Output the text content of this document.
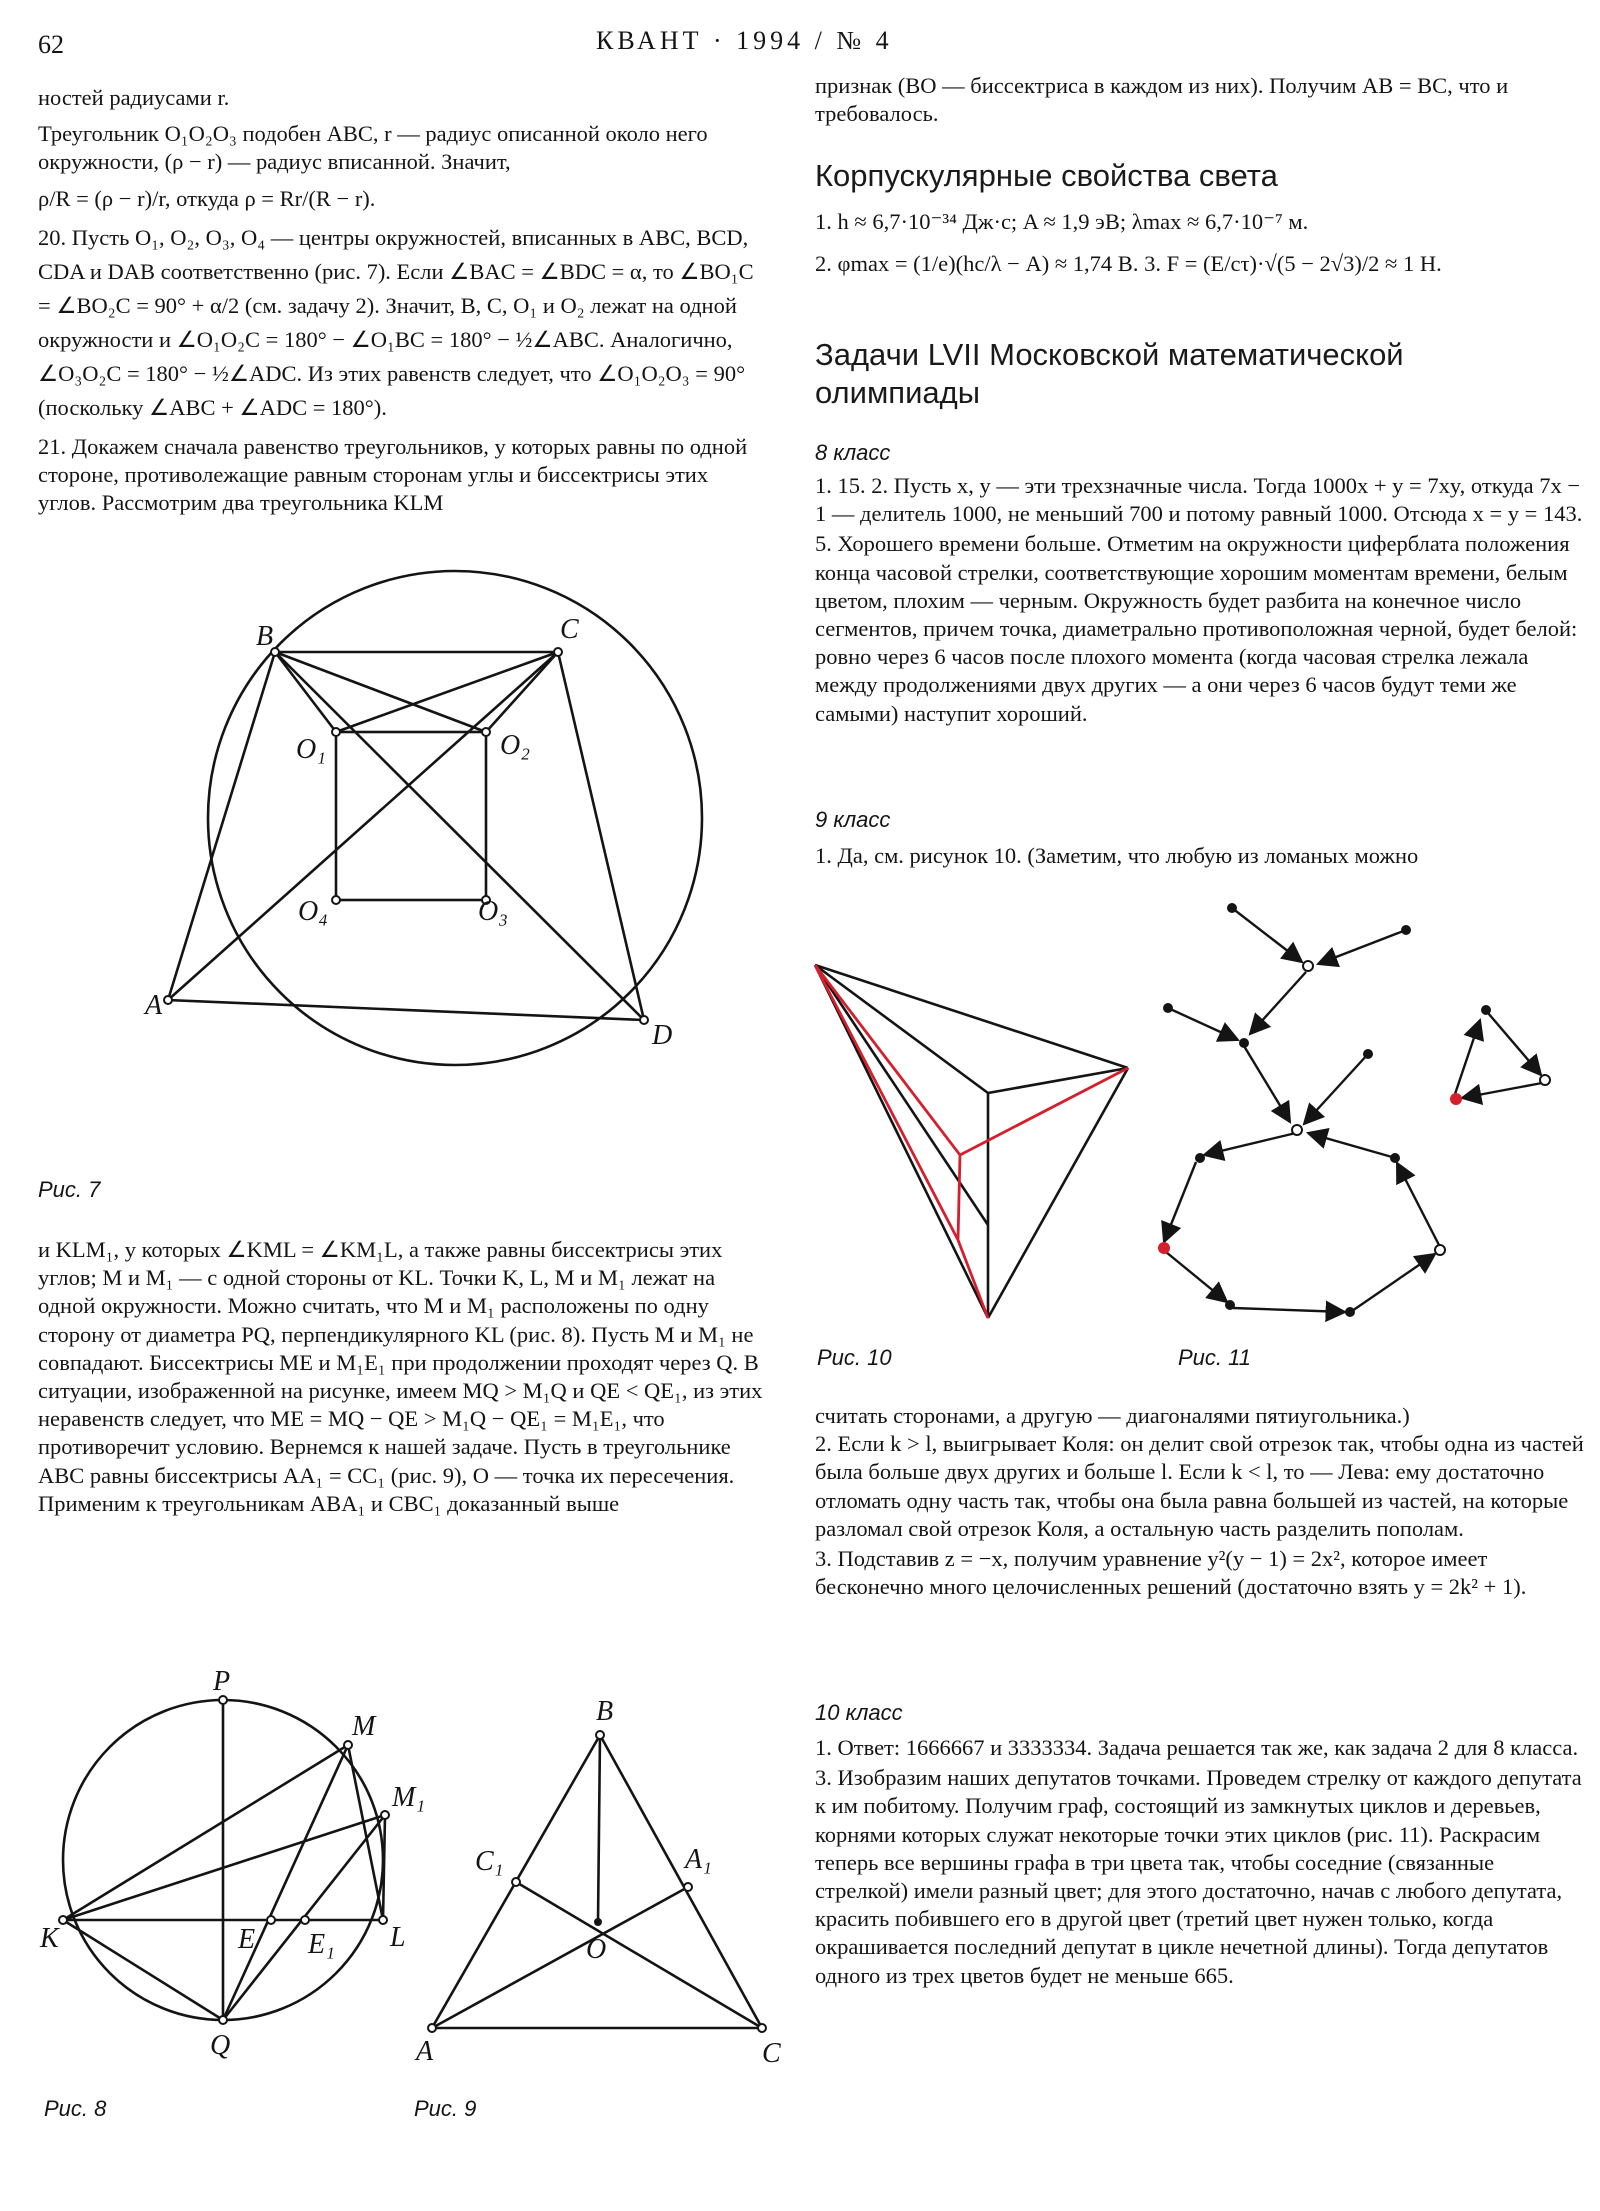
62	КВАНТ · 1994 / № 4

ностей радиусами r.

Треугольник O₁O₂O₃ подобен ABC, r — радиус описанной около него окружности, (ρ − r) — радиус вписанной. Значит,

ρ/R = (ρ − r)/r, откуда ρ = Rr/(R − r).

20. Пусть O₁, O₂, O₃, O₄ — центры окружностей, вписанных в ABC, BCD, CDA и DAB соответственно (рис. 7). Если ∠BAC = ∠BDC = α, то ∠BO₁C = ∠BO₂C = 90° + α/2 (см. задачу 2). Значит, B, C, O₁ и O₂ лежат на одной окружности и ∠O₁O₂C = 180° − ∠O₁BC = 180° − ½∠ABC. Аналогично, ∠O₃O₂C = 180° − ½∠ADC. Из этих равенств следует, что ∠O₁O₂O₃ = 90° (поскольку ∠ABC + ∠ADC = 180°).

21. Докажем сначала равенство треугольников, у которых равны по одной стороне, противолежащие равным сторонам углы и биссектрисы этих углов. Рассмотрим два треугольника KLM

B	C
A
D
O₁	O₂
O₃
O₄
Рис. 7

и KLM₁, у которых ∠KML = ∠KM₁L, а также равны биссектрисы этих углов; M и M₁ — с одной стороны от KL. Точки K, L, M и M₁ лежат на одной окружности. Можно считать, что M и M₁ расположены по одну сторону от диаметра PQ, перпендикулярного KL (рис. 8). Пусть M и M₁ не совпадают. Биссектрисы ME и M₁E₁ при продолжении проходят через Q. В ситуации, изображенной на рисунке, имеем MQ > M₁Q и QE < QE₁, из этих неравенств следует, что ME = MQ − QE > M₁Q − QE₁ = M₁E₁, что противоречит условию. Вернемся к нашей задаче. Пусть в треугольнике ABC равны биссектрисы AA₁ = CC₁ (рис. 9), O — точка их пересечения. Применим к треугольникам ABA₁ и CBC₁ доказанный выше

P
M
M₁
K	E E₁ L
Q
Рис. 8
B
C₁	A₁
O
A	C
Рис. 9

признак (BO — биссектриса в каждом из них). Получим AB = BC, что и требовалось.

Корпускулярные свойства света

1. h ≈ 6,7·10⁻³⁴ Дж·с; A ≈ 1,9 эВ; λmax ≈ 6,7·10⁻⁷ м.

2. φmax = (1/e)(hc/λ − A) ≈ 1,74 В. 3. F = (E/cτ)·√(5 − 2√3)/2 ≈ 1 Н.

Задачи LVII Московской математической
олимпиады
8 класс

1. 15. 2. Пусть x, y — эти трехзначные числа. Тогда 1000x + y = 7xy, откуда 7x − 1 — делитель 1000, не меньший 700 и потому равный 1000. Отсюда x = y = 143.

5. Хорошего времени больше. Отметим на окружности циферблата положения конца часовой стрелки, соответствующие хорошим моментам времени, белым цветом, плохим — черным. Окружность будет разбита на конечное число сегментов, причем точка, диаметрально противоположная черной, будет белой: ровно через 6 часов после плохого момента (когда часовая стрелка лежала между продолжениями двух других — а они через 6 часов будут теми же самыми) наступит хороший.

9 класс

1. Да, см. рисунок 10. (Заметим, что любую из ломаных можно

Рис. 10	Рис. 11

считать сторонами, а другую — диагоналями пятиугольника.)

2. Если k > l, выигрывает Коля: он делит свой отрезок так, чтобы одна из частей была больше двух других и больше l. Если k < l, то — Лева: ему достаточно отломать одну часть так, чтобы она была равна большей из частей, на которые разломал свой отрезок Коля, а остальную часть разделить пополам.

3. Подставив z = −x, получим уравнение y²(y − 1) = 2x², которое имеет бесконечно много целочисленных решений (достаточно взять y = 2k² + 1).

10 класс

1. Ответ: 1666667 и 3333334. Задача решается так же, как задача 2 для 8 класса.

3. Изобразим наших депутатов точками. Проведем стрелку от каждого депутата к им побитому. Получим граф, состоящий из замкнутых циклов и деревьев, корнями которых служат некоторые точки этих циклов (рис. 11). Раскрасим теперь все вершины графа в три цвета так, чтобы соседние (связанные стрелкой) имели разный цвет; для этого достаточно, начав с любого депутата, красить побившего его в другой цвет (третий цвет нужен только, когда окрашивается последний депутат в цикле нечетной длины). Тогда депутатов одного из трех цветов будет не меньше 665.
